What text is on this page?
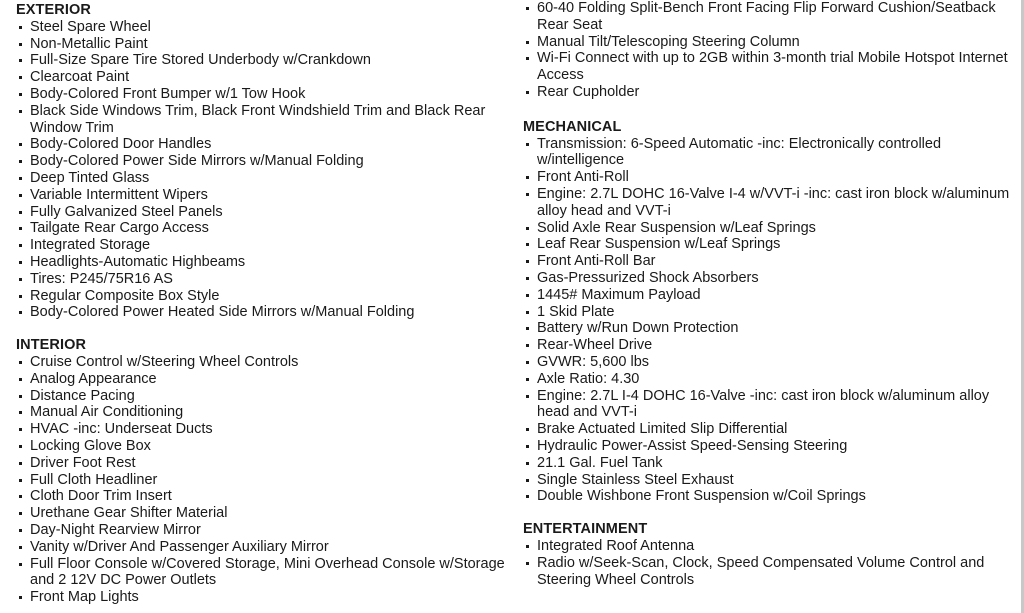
EXTERIOR
Steel Spare Wheel
Non-Metallic Paint
Full-Size Spare Tire Stored Underbody w/Crankdown
Clearcoat Paint
Body-Colored Front Bumper w/1 Tow Hook
Black Side Windows Trim, Black Front Windshield Trim and Black Rear Window Trim
Body-Colored Door Handles
Body-Colored Power Side Mirrors w/Manual Folding
Deep Tinted Glass
Variable Intermittent Wipers
Fully Galvanized Steel Panels
Tailgate Rear Cargo Access
Integrated Storage
Headlights-Automatic Highbeams
Tires: P245/75R16 AS
Regular Composite Box Style
Body-Colored Power Heated Side Mirrors w/Manual Folding
INTERIOR
Cruise Control w/Steering Wheel Controls
Analog Appearance
Distance Pacing
Manual Air Conditioning
HVAC -inc: Underseat Ducts
Locking Glove Box
Driver Foot Rest
Full Cloth Headliner
Cloth Door Trim Insert
Urethane Gear Shifter Material
Day-Night Rearview Mirror
Vanity w/Driver And Passenger Auxiliary Mirror
Full Floor Console w/Covered Storage, Mini Overhead Console w/Storage and 2 12V DC Power Outlets
Front Map Lights
60-40 Folding Split-Bench Front Facing Flip Forward Cushion/Seatback Rear Seat
Manual Tilt/Telescoping Steering Column
Wi-Fi Connect with up to 2GB within 3-month trial Mobile Hotspot Internet Access
Rear Cupholder
MECHANICAL
Transmission: 6-Speed Automatic -inc: Electronically controlled w/intelligence
Front Anti-Roll
Engine: 2.7L DOHC 16-Valve I-4 w/VVT-i -inc: cast iron block w/aluminum alloy head and VVT-i
Solid Axle Rear Suspension w/Leaf Springs
Leaf Rear Suspension w/Leaf Springs
Front Anti-Roll Bar
Gas-Pressurized Shock Absorbers
1445# Maximum Payload
1 Skid Plate
Battery w/Run Down Protection
Rear-Wheel Drive
GVWR: 5,600 lbs
Axle Ratio: 4.30
Engine: 2.7L I-4 DOHC 16-Valve -inc: cast iron block w/aluminum alloy head and VVT-i
Brake Actuated Limited Slip Differential
Hydraulic Power-Assist Speed-Sensing Steering
21.1 Gal. Fuel Tank
Single Stainless Steel Exhaust
Double Wishbone Front Suspension w/Coil Springs
ENTERTAINMENT
Integrated Roof Antenna
Radio w/Seek-Scan, Clock, Speed Compensated Volume Control and Steering Wheel Controls
